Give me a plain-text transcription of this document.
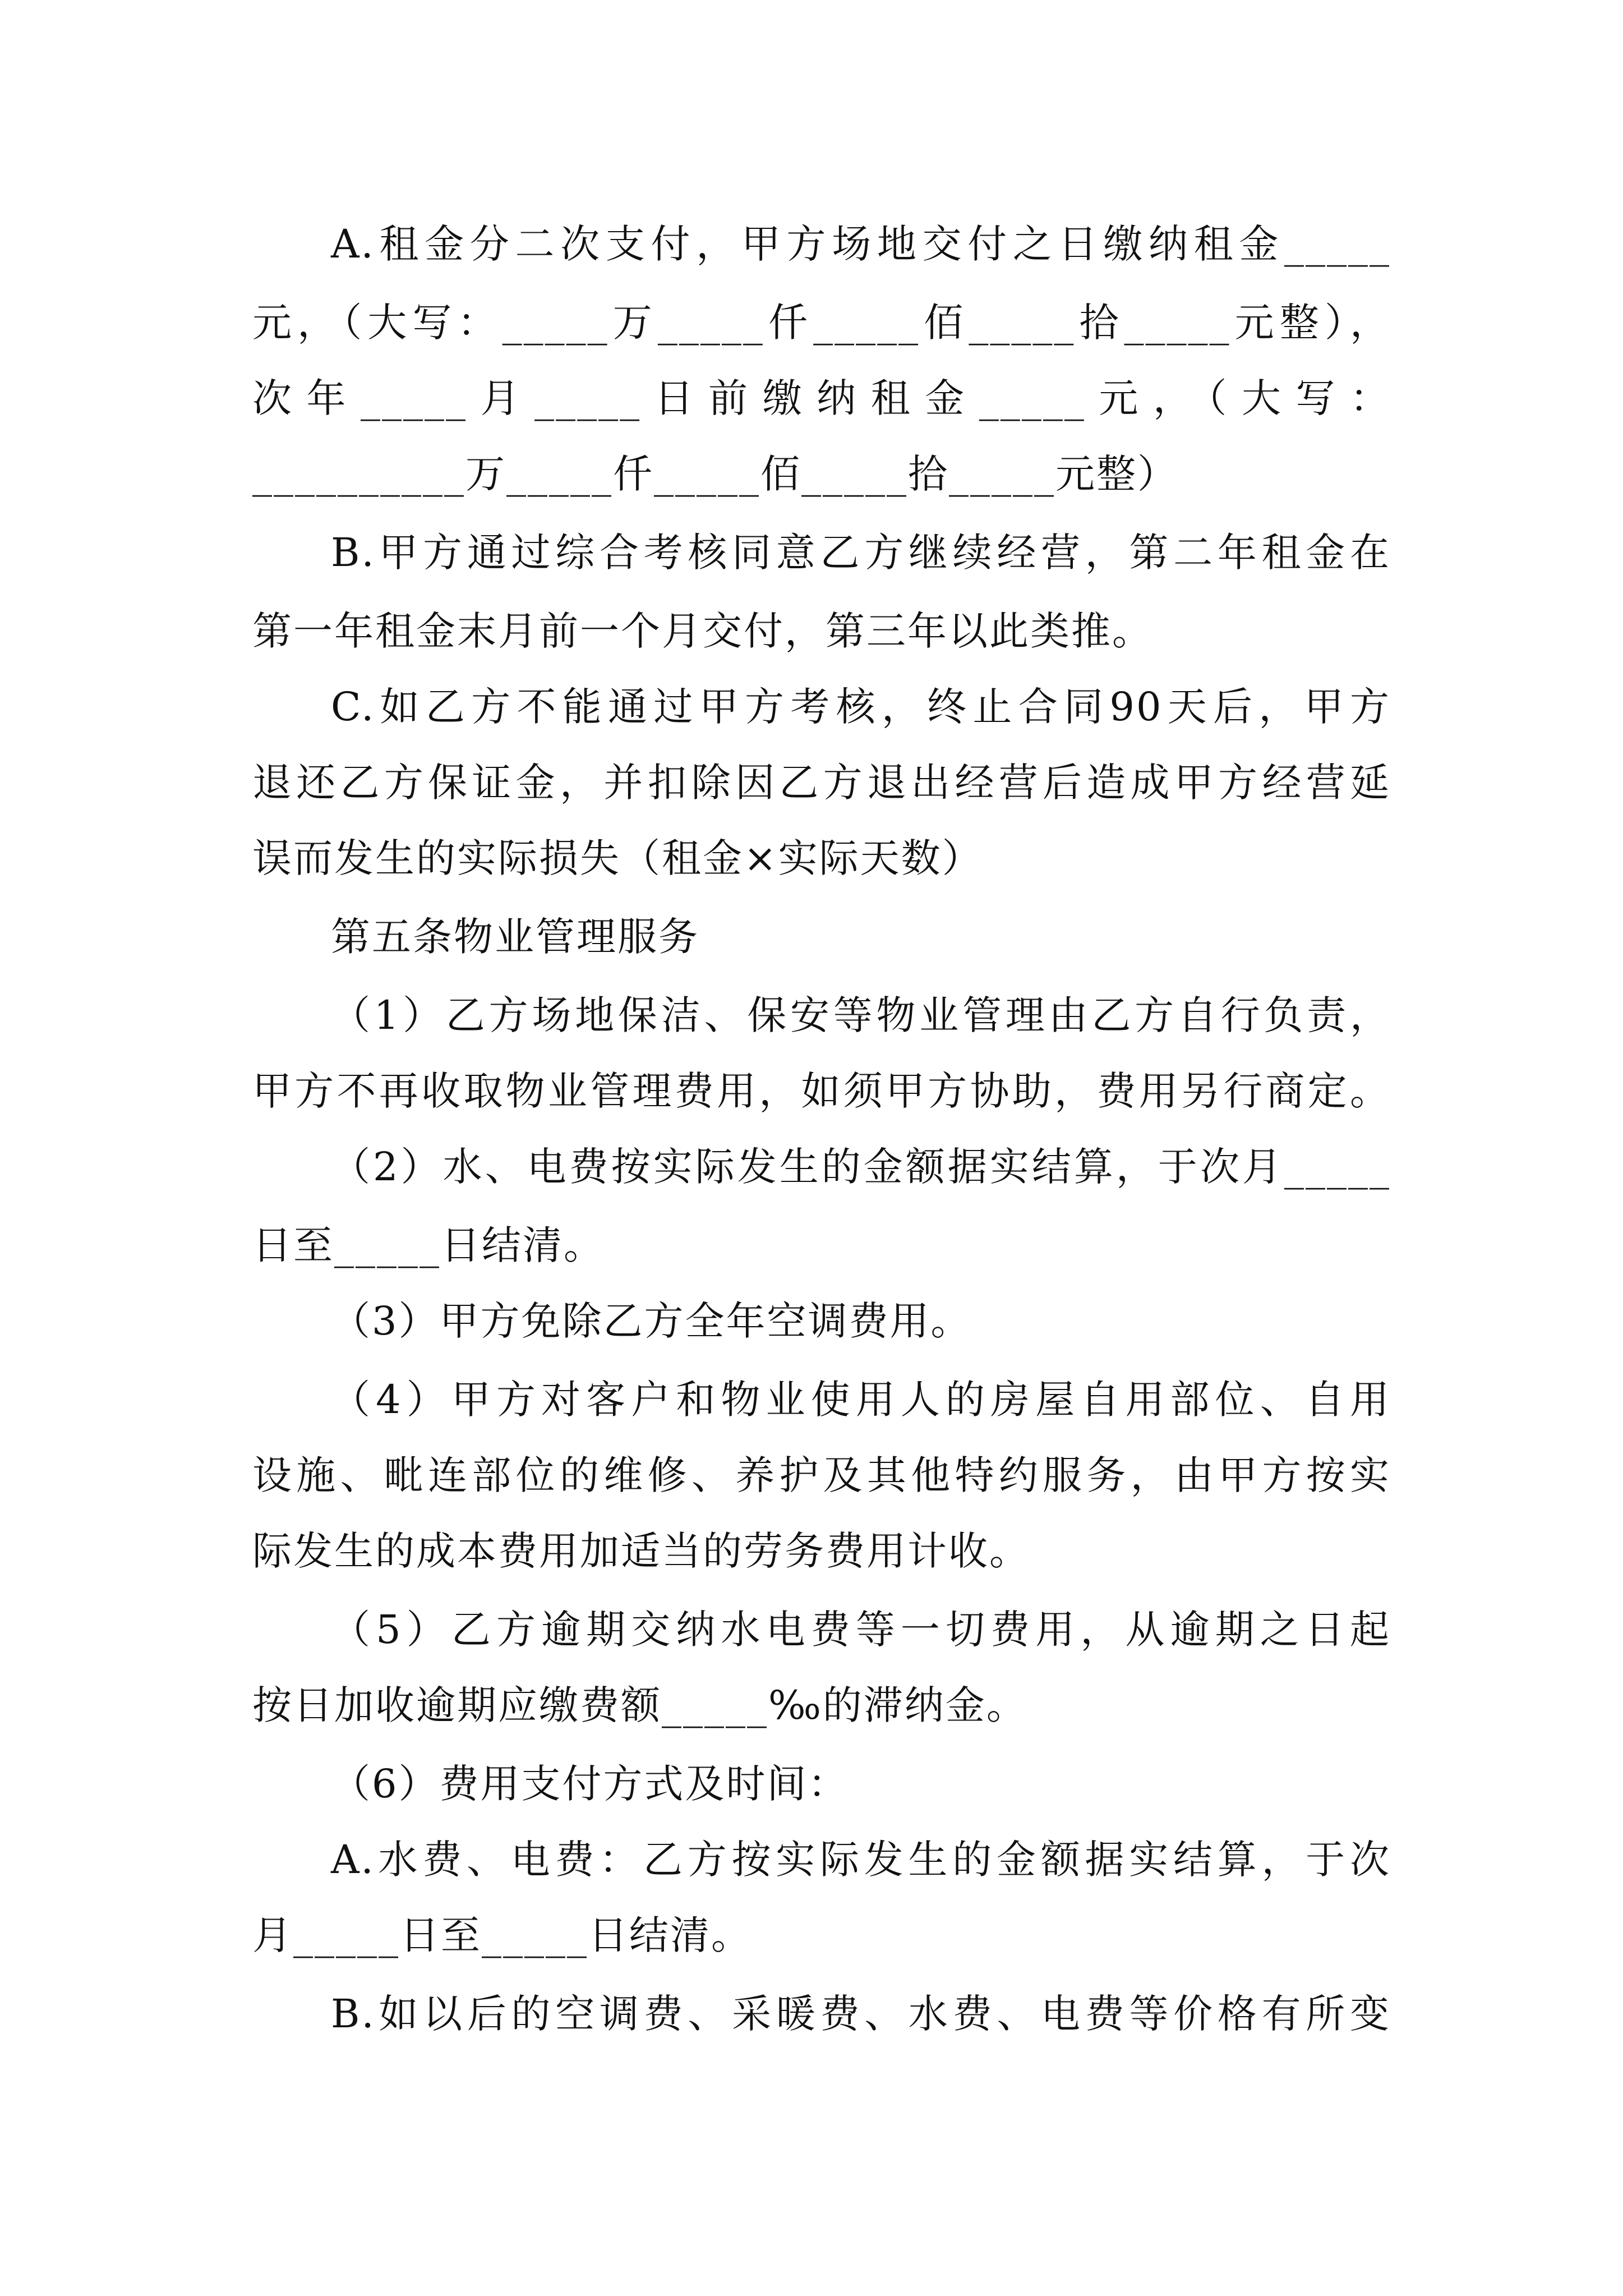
A.租金分二次支付，甲方场地交付之日缴纳租金_____
元，（大写：_____万_____仟_____佰_____拾_____元整），
次年_____月_____日前缴纳租金_____元，（大写：
__________万_____仟_____佰_____拾_____元整）
B.甲方通过综合考核同意乙方继续经营，第二年租金在
第一年租金末月前一个月交付，第三年以此类推。
C.如乙方不能通过甲方考核，终止合同90天后，甲方
退还乙方保证金，并扣除因乙方退出经营后造成甲方经营延
误而发生的实际损失（租金×实际天数）
第五条物业管理服务
（1）乙方场地保洁、保安等物业管理由乙方自行负责，
甲方不再收取物业管理费用，如须甲方协助，费用另行商定。
（2）水、电费按实际发生的金额据实结算，于次月_____
日至_____日结清。
（3）甲方免除乙方全年空调费用。
（4）甲方对客户和物业使用人的房屋自用部位、自用
设施、毗连部位的维修、养护及其他特约服务，由甲方按实
际发生的成本费用加适当的劳务费用计收。
（5）乙方逾期交纳水电费等一切费用，从逾期之日起
按日加收逾期应缴费额_____‰的滞纳金。
（6）费用支付方式及时间：
A.水费、电费：乙方按实际发生的金额据实结算，于次
月_____日至_____日结清。
B.如以后的空调费、采暖费、水费、电费等价格有所变
